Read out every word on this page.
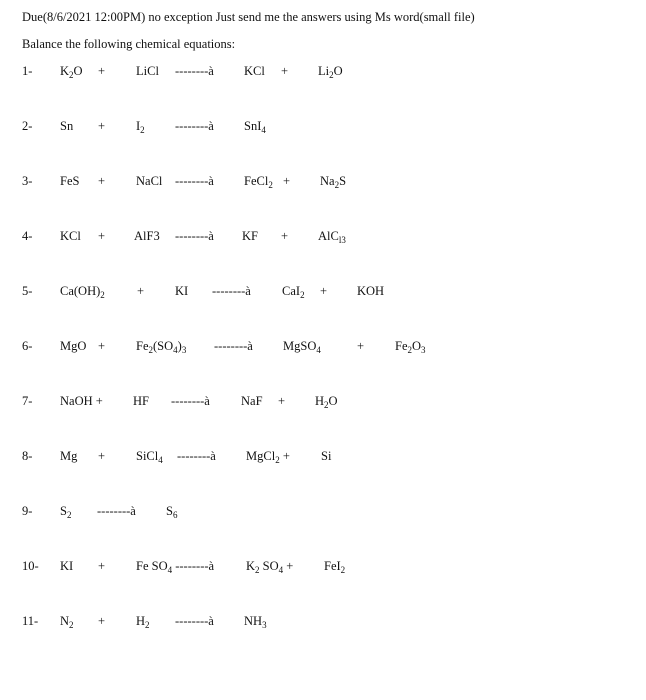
Due(8/6/2021 12:00PM) no exception Just send me the answers using Ms word(small file)
Balance the following chemical equations:
1- $K_2O$ + LiCl --------à KCl + $Li_2O$
2- $Sn + I_2$ --------à SnI$_4$
3- FeS + NaCl --------à FeCl$_2$ + $Na_2S$
4- KCl + AlF3 --------à KF + AlC$_{l3}$
5- $Ca(OH)_2$	+ KI --------à CaI$_2$ + KOH
6- MgO + $Fe_2(SO_4)_3$ --------à MgSO$_4$	+ $Fe_2O_3$
7- NaOH + HF --------à NaF + $H_2O$
8- Mg + SiCl$_4$ --------à MgCl$_2$ + Si
9- $S_2$ --------à $S_6$
10- KI + Fe $SO_4$ --------à	$K_2$ $SO_4 + FeI_2$
11- $N_2 + H_2$ --------à $NH_3$
